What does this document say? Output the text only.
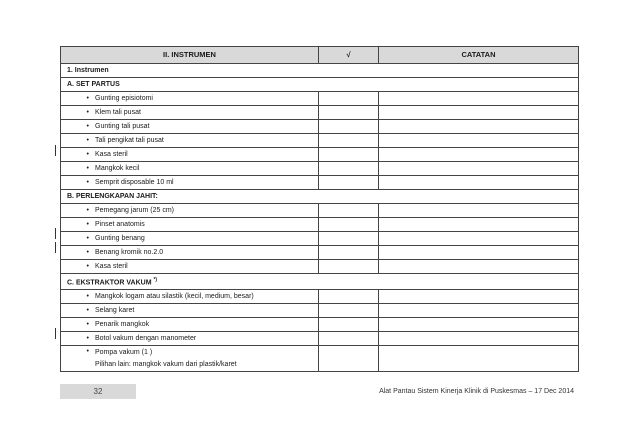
II. INSTRUMEN	√	CATATAN
1. Instrumen		
A. SET PARTUS		
• Gunting episiotomi		
• Klem tali pusat		
• Gunting tali pusat		
• Tali pengikat tali pusat		
• Kasa steril		
• Mangkok kecil		
• Semprit disposable 10 ml		
B. PERLENGKAPAN JAHIT:		
• Pemegang jarum (25 cm)		
• Pinset anatomis		
• Gunting benang		
• Benang kromik no.2.0		
• Kasa steril		
C. EKSTRAKTOR VAKUM *)
• Mangkok logam atau silastik (kecil, medium, besar)		
• Selang karet		
• Penarik mangkok		
• Botol vakum dengan manometer		

• Pompa vakum (1 )
Pilihan lain: mangkok vakum dari plastik/karet		

32	Alat Pantau Sistem Kinerja Klinik di Puskesmas – 17 Dec 2014
